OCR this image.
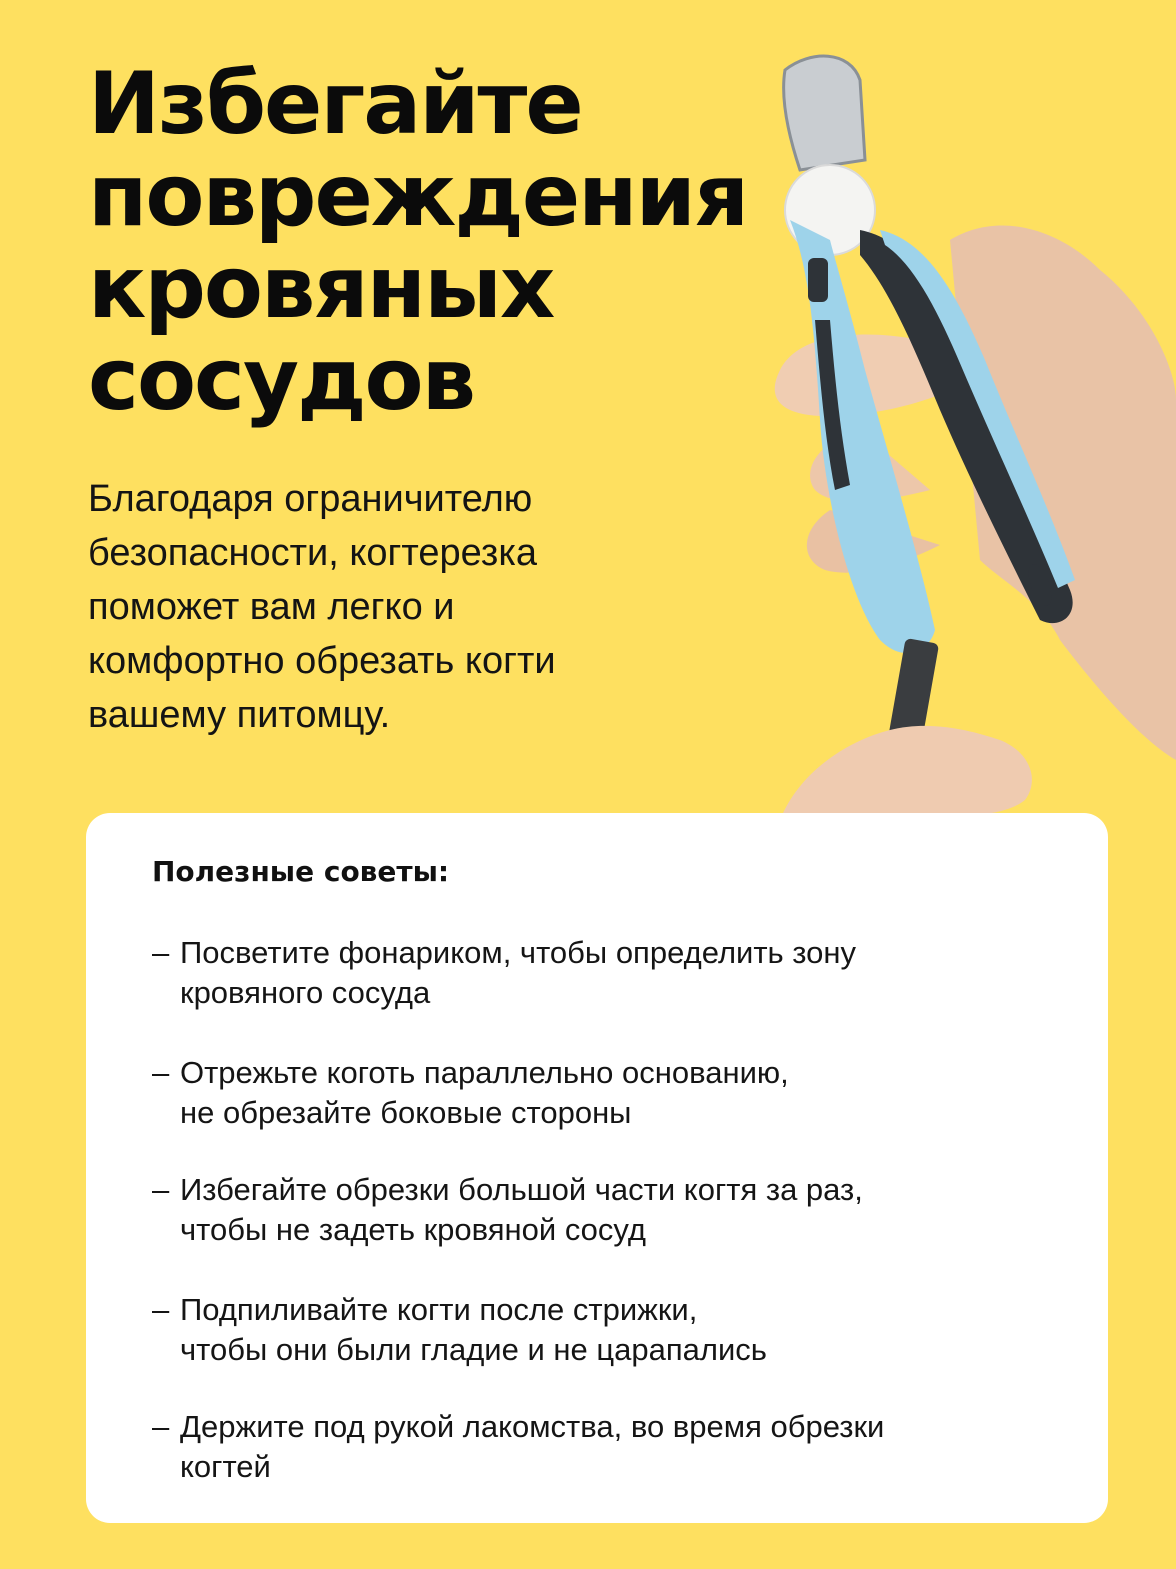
Избегайте
повреждения
кровяных
сосудов

Благодаря ограничителю
безопасности, когтерезка
поможет вам легко и
комфортно обрезать когти
вашему питомцу.

Полезные советы:
– Посветите фонариком, чтобы определить зону
кровяного сосуда
– Отрежьте коготь параллельно основанию,
не обрезайте боковые стороны
– Избегайте обрезки большой части когтя за раз,
чтобы не задеть кровяной сосуд
– Подпиливайте когти после стрижки,
чтобы они были гладие и не царапались
– Держите под рукой лакомства, во время обрезки
когтей
